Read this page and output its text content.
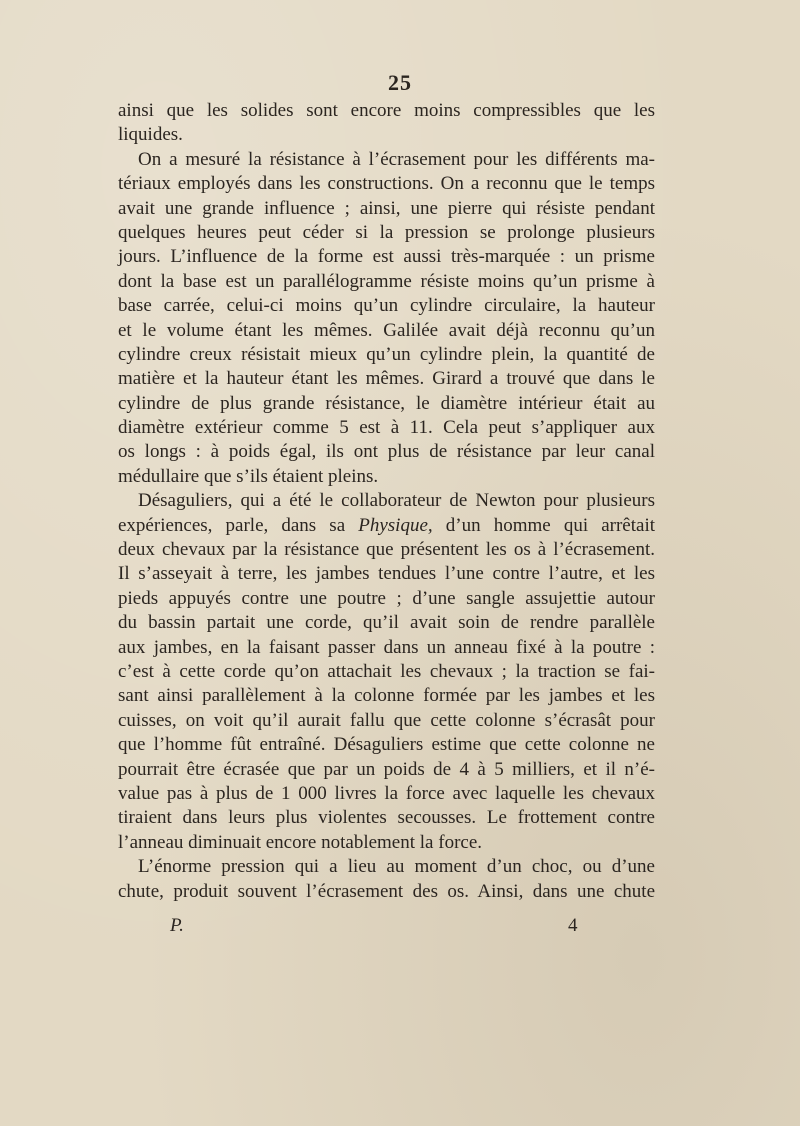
25
ainsi que les solides sont encore moins compressibles que les
liquides.
On a mesuré la résistance à l’écrasement pour les différents ma-
tériaux employés dans les constructions. On a reconnu que le temps
avait une grande influence ; ainsi, une pierre qui résiste pendant
quelques heures peut céder si la pression se prolonge plusieurs
jours. L’influence de la forme est aussi très-marquée : un prisme
dont la base est un parallélogramme résiste moins qu’un prisme à
base carrée, celui-ci moins qu’un cylindre circulaire, la hauteur
et le volume étant les mêmes. Galilée avait déjà reconnu qu’un
cylindre creux résistait mieux qu’un cylindre plein, la quantité de
matière et la hauteur étant les mêmes. Girard a trouvé que dans le
cylindre de plus grande résistance, le diamètre intérieur était au
diamètre extérieur comme 5 est à 11. Cela peut s’appliquer aux
os longs : à poids égal, ils ont plus de résistance par leur canal
médullaire que s’ils étaient pleins.
Désaguliers, qui a été le collaborateur de Newton pour plusieurs
expériences, parle, dans sa Physique, d’un homme qui arrêtait
deux chevaux par la résistance que présentent les os à l’écrasement.
Il s’asseyait à terre, les jambes tendues l’une contre l’autre, et les
pieds appuyés contre une poutre ; d’une sangle assujettie autour
du bassin partait une corde, qu’il avait soin de rendre parallèle
aux jambes, en la faisant passer dans un anneau fixé à la poutre :
c’est à cette corde qu’on attachait les chevaux ; la traction se fai-
sant ainsi parallèlement à la colonne formée par les jambes et les
cuisses, on voit qu’il aurait fallu que cette colonne s’écrasât pour
que l’homme fût entraîné. Désaguliers estime que cette colonne ne
pourrait être écrasée que par un poids de 4 à 5 milliers, et il n’é-
value pas à plus de 1 000 livres la force avec laquelle les chevaux
tiraient dans leurs plus violentes secousses. Le frottement contre
l’anneau diminuait encore notablement la force.
L’énorme pression qui a lieu au moment d’un choc, ou d’une
chute, produit souvent l’écrasement des os. Ainsi, dans une chute
P.	4
